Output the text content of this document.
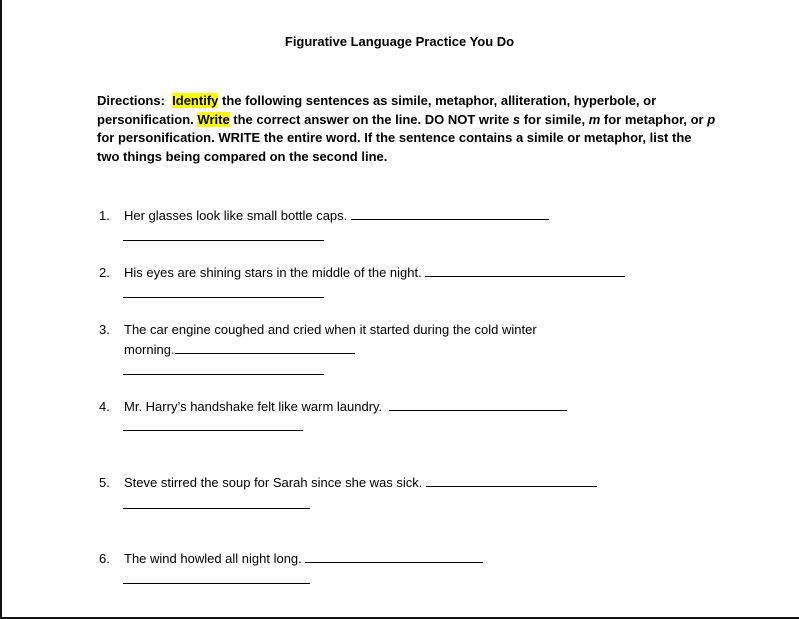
Figurative Language Practice You Do
Directions: Identify the following sentences as simile, metaphor, alliteration, hyperbole, or personification. Write the correct answer on the line. DO NOT write s for simile, m for metaphor, or p for personification. WRITE the entire word. If the sentence contains a simile or metaphor, list the two things being compared on the second line.
1. Her glasses look like small bottle caps.
2. His eyes are shining stars in the middle of the night.
3. The car engine coughed and cried when it started during the cold winter
morning.
4. Mr. Harry’s handshake felt like warm laundry.
5. Steve stirred the soup for Sarah since she was sick.
6. The wind howled all night long.
